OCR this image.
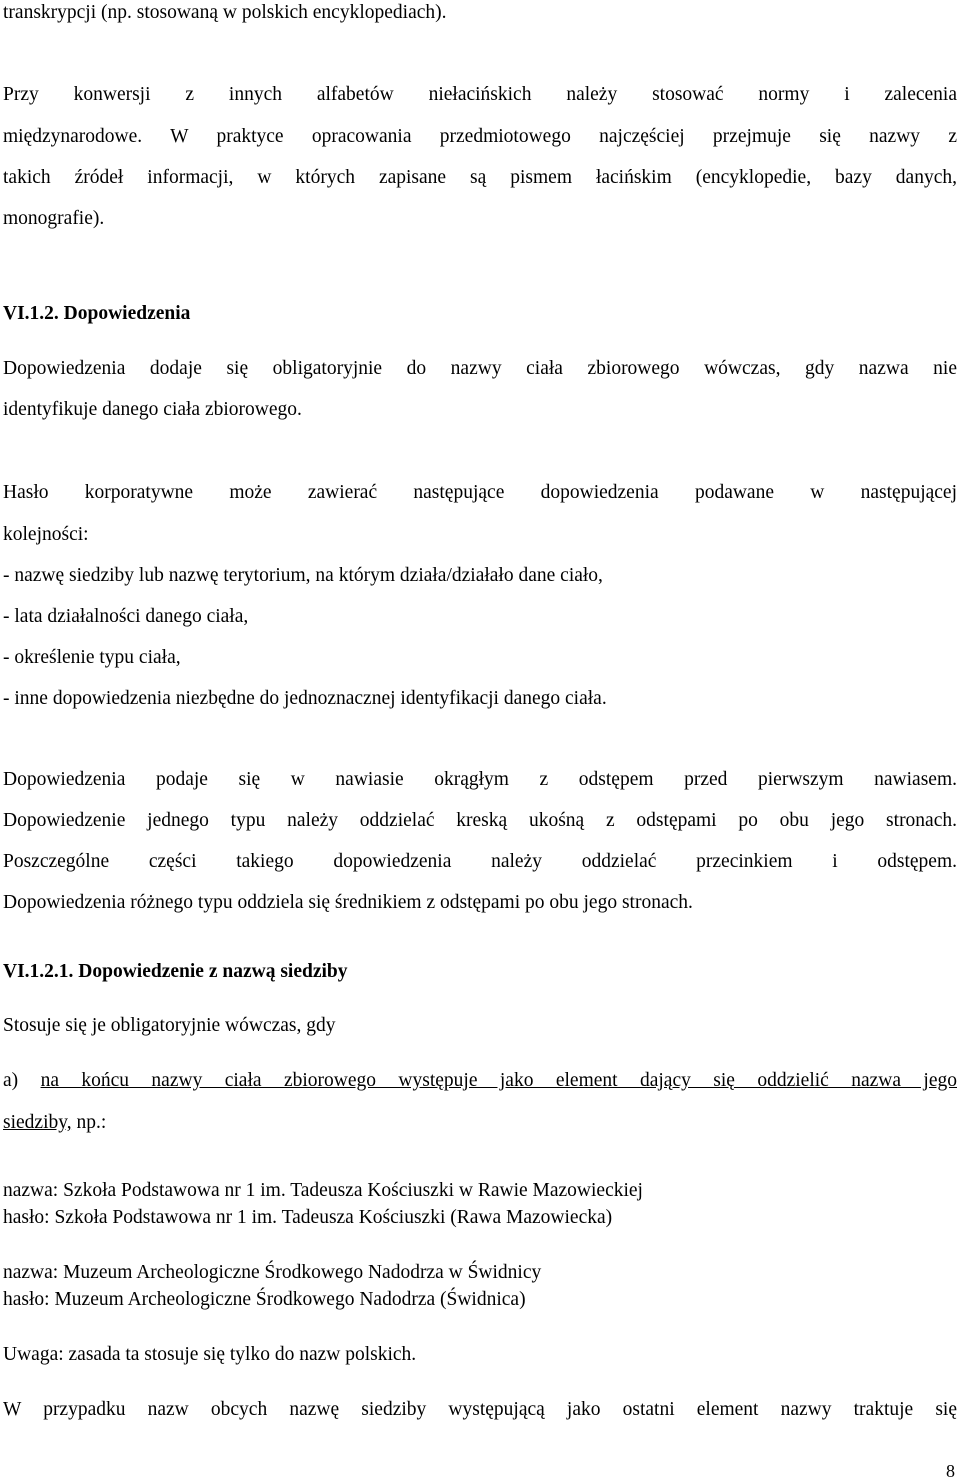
transkrypcji (np. stosowaną w polskich encyklopediach).
Przy konwersji z innych alfabetów niełacińskich należy stosować normy i zalecenia
międzynarodowe. W praktyce opracowania przedmiotowego najczęściej przejmuje się nazwy z
takich źródeł informacji, w których zapisane są pismem łacińskim (encyklopedie, bazy danych,
monografie).
VI.1.2. Dopowiedzenia
Dopowiedzenia dodaje się obligatoryjnie do nazwy ciała zbiorowego wówczas, gdy nazwa nie
identyfikuje danego ciała zbiorowego.
Hasło korporatywne może zawierać następujące dopowiedzenia podawane w następującej
kolejności:
- nazwę siedziby lub nazwę terytorium, na którym działa/działało dane ciało,
- lata działalności danego ciała,
- określenie typu ciała,
- inne dopowiedzenia niezbędne do jednoznacznej identyfikacji danego ciała.
Dopowiedzenia podaje się w nawiasie okrągłym z odstępem przed pierwszym nawiasem.
Dopowiedzenie jednego typu należy oddzielać kreską ukośną z odstępami po obu jego stronach.
Poszczególne części takiego dopowiedzenia należy oddzielać przecinkiem i odstępem.
Dopowiedzenia różnego typu oddziela się średnikiem z odstępami po obu jego stronach.
VI.1.2.1. Dopowiedzenie z nazwą siedziby
Stosuje się je obligatoryjnie wówczas, gdy
a) na końcu nazwy ciała zbiorowego występuje jako element dający się oddzielić nazwa jego
siedziby, np.:
nazwa: Szkoła Podstawowa nr 1 im. Tadeusza Kościuszki w Rawie Mazowieckiej
hasło: Szkoła Podstawowa nr 1 im. Tadeusza Kościuszki (Rawa Mazowiecka)
nazwa: Muzeum Archeologiczne Środkowego Nadodrza w Świdnicy
hasło: Muzeum Archeologiczne Środkowego Nadodrza (Świdnica)
Uwaga: zasada ta stosuje się tylko do nazw polskich.
W przypadku nazw obcych nazwę siedziby występującą jako ostatni element nazwy traktuje się
8
